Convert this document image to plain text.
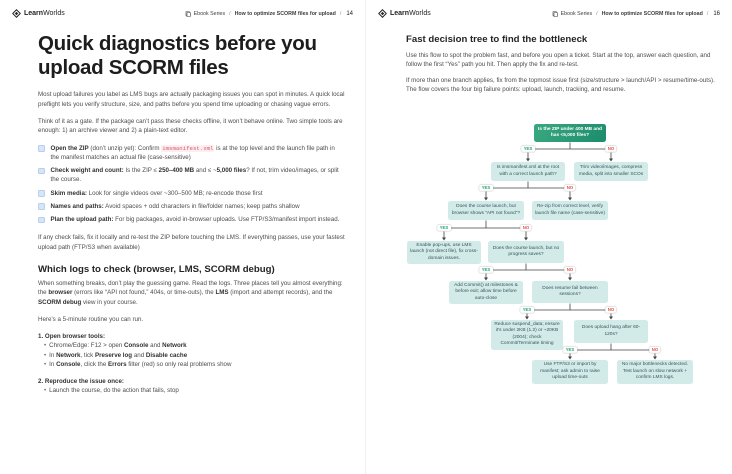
LearnWorlds	Ebook Series / How to optimize SCORM files for upload / 14
Quick diagnostics before you upload SCORM files

Most upload failures you label as LMS bugs are actually packaging issues you can spot in minutes. A quick local preflight lets you verify structure, size, and paths before you spend time uploading or chasing vague errors.

Think of it as a gate. If the package can’t pass these checks offline, it won’t behave online. Two simple tools are enough: 1) an archive viewer and 2) a plain-text editor.

Open the ZIP (don’t unzip yet): Confirm imsmanifest.xml is at the top level and the launch file path in the manifest matches an actual file (case-sensitive)
Check weight and count: Is the ZIP ≤ 250–400 MB and ≤ ~5,000 files? If not, trim video/images, or split the course.
Skim media: Look for single videos over ~300–500 MB; re-encode those first
Names and paths: Avoid spaces + odd characters in file/folder names; keep paths shallow
Plan the upload path: For big packages, avoid in-browser uploads. Use FTP/S3/manifest import instead.

If any check fails, fix it locally and re-test the ZIP before touching the LMS. If everything passes, use your fastest upload path (FTP/S3 when available)

Which logs to check (browser, LMS, SCORM debug)

When something breaks, don’t play the guessing game. Read the logs. Three places tell you almost everything: the browser (errors like “API not found,” 404s, or time-outs), the LMS (import and attempt records), and the SCORM debug view in your course.

Here’s a 5-minute routine you can run.

1. Open browser tools:
• Chrome/Edge: F12 > open Console and Network
• In Network, tick Preserve log and Disable cache
• In Console, click the Errors filter (red) so only real problems show
2. Reproduce the issue once:
• Launch the course, do the action that fails, stop
LearnWorlds	Ebook Series / How to optimize SCORM files for upload / 16
Fast decision tree to find the bottleneck

Use this flow to spot the problem fast, and before you open a ticket. Start at the top, answer each question, and follow the first “Yes” path you hit. Then apply the fix and re-test.

If more than one branch applies, fix from the topmost issue first (size/structure > launch/API > resume/time-outs). The flow covers the four big failure points: upload, launch, tracking, and resume.

Is the ZIP under 400 MB and has <5,000 files?
Is imsmanifest.xml at the root with a correct launch path?
Trim video/images, compress media, split into smaller SCOs
Does the course launch, but browser shows “API not found”?
Re-zip from correct level, verify launch file name (case-sensitive)
Enable pop-ups, use LMS launch (not direct file), fix cross-domain issues.
Does the course launch, but no progress saves?
Add Commit() at milestones & before exit; allow time before auto-close
Does resume fail between sessions?
Reduce suspend_data; ensure it’s under 2KB (1.2) or ~20KB (2004); check Commit/Terminate timing
Does upload hang after 60-120s?
Use FTP/S3 or import by manifest; ask admin to raise upload time-outs
No major bottlenecks detected. Test launch on slow network + confirm LMS logs.
YES	NO
YES	NO
YES	NO
YES	NO
YES	NO
YES	NO
